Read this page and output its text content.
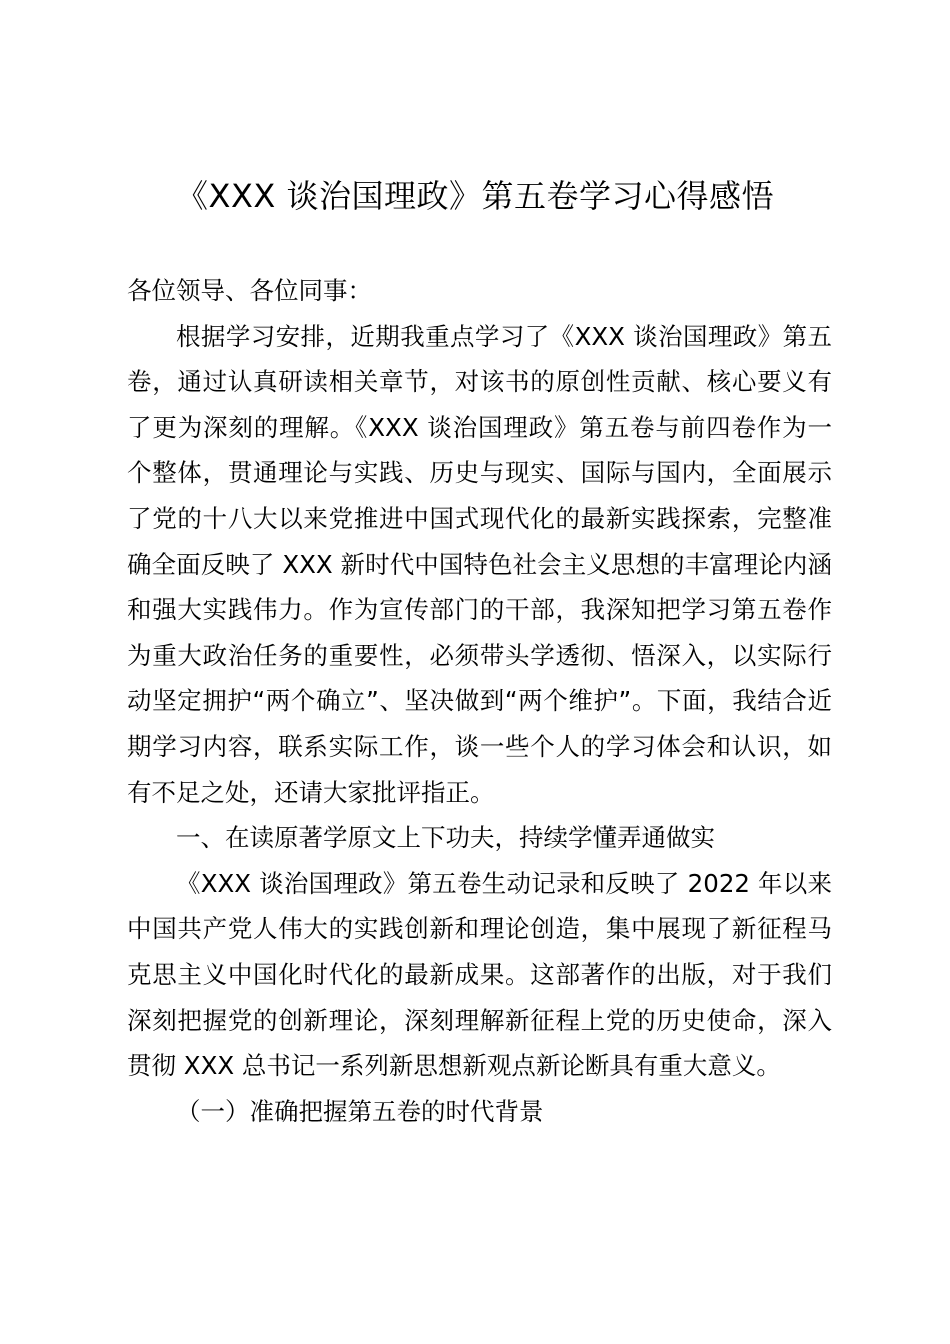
《XXX 谈治国理政》第五卷学习心得感悟

各位领导、各位同事：

根据学习安排，近期我重点学习了《XXX 谈治国理政》第五卷，通过认真研读相关章节，对该书的原创性贡献、核心要义有了更为深刻的理解。《XXX 谈治国理政》第五卷与前四卷作为一个整体，贯通理论与实践、历史与现实、国际与国内，全面展示了党的十八大以来党推进中国式现代化的最新实践探索，完整准确全面反映了 XXX 新时代中国特色社会主义思想的丰富理论内涵和强大实践伟力。作为宣传部门的干部，我深知把学习第五卷作为重大政治任务的重要性，必须带头学透彻、悟深入，以实际行动坚定拥护“两个确立”、坚决做到“两个维护”。下面，我结合近期学习内容，联系实际工作，谈一些个人的学习体会和认识，如有不足之处，还请大家批评指正。

一、在读原著学原文上下功夫，持续学懂弄通做实

《XXX 谈治国理政》第五卷生动记录和反映了 2022 年以来中国共产党人伟大的实践创新和理论创造，集中展现了新征程马克思主义中国化时代化的最新成果。这部著作的出版，对于我们深刻把握党的创新理论，深刻理解新征程上党的历史使命，深入贯彻 XXX 总书记一系列新思想新观点新论断具有重大意义。

（一）准确把握第五卷的时代背景
